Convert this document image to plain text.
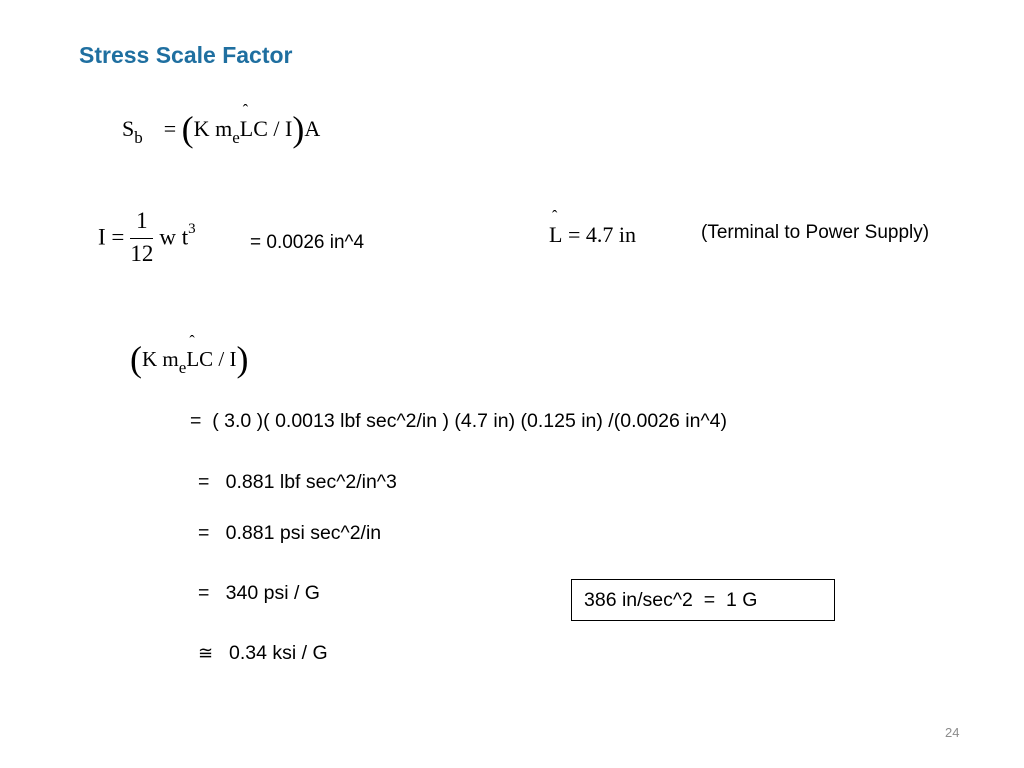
Stress Scale Factor
$S_b = (K$ $m_e$
ˆ
LC / I)A
$I = \frac{1}{12}$ w $t^3$
= 0.0026 in^4
ˆ
L = 4.7 in	(Terminal to Power Supply)
(K $m_e$
ˆ
LC / I)
=  ( 3.0 )( 0.0013 lbf sec^2/in ) (4.7 in) (0.125 in) /(0.0026 in^4)
=   0.881 lbf sec^2/in^3
=   0.881 psi sec^2/in
=   340 psi / G
≅ 0.34 ksi / G
386 in/sec^2  =  1 G
24
